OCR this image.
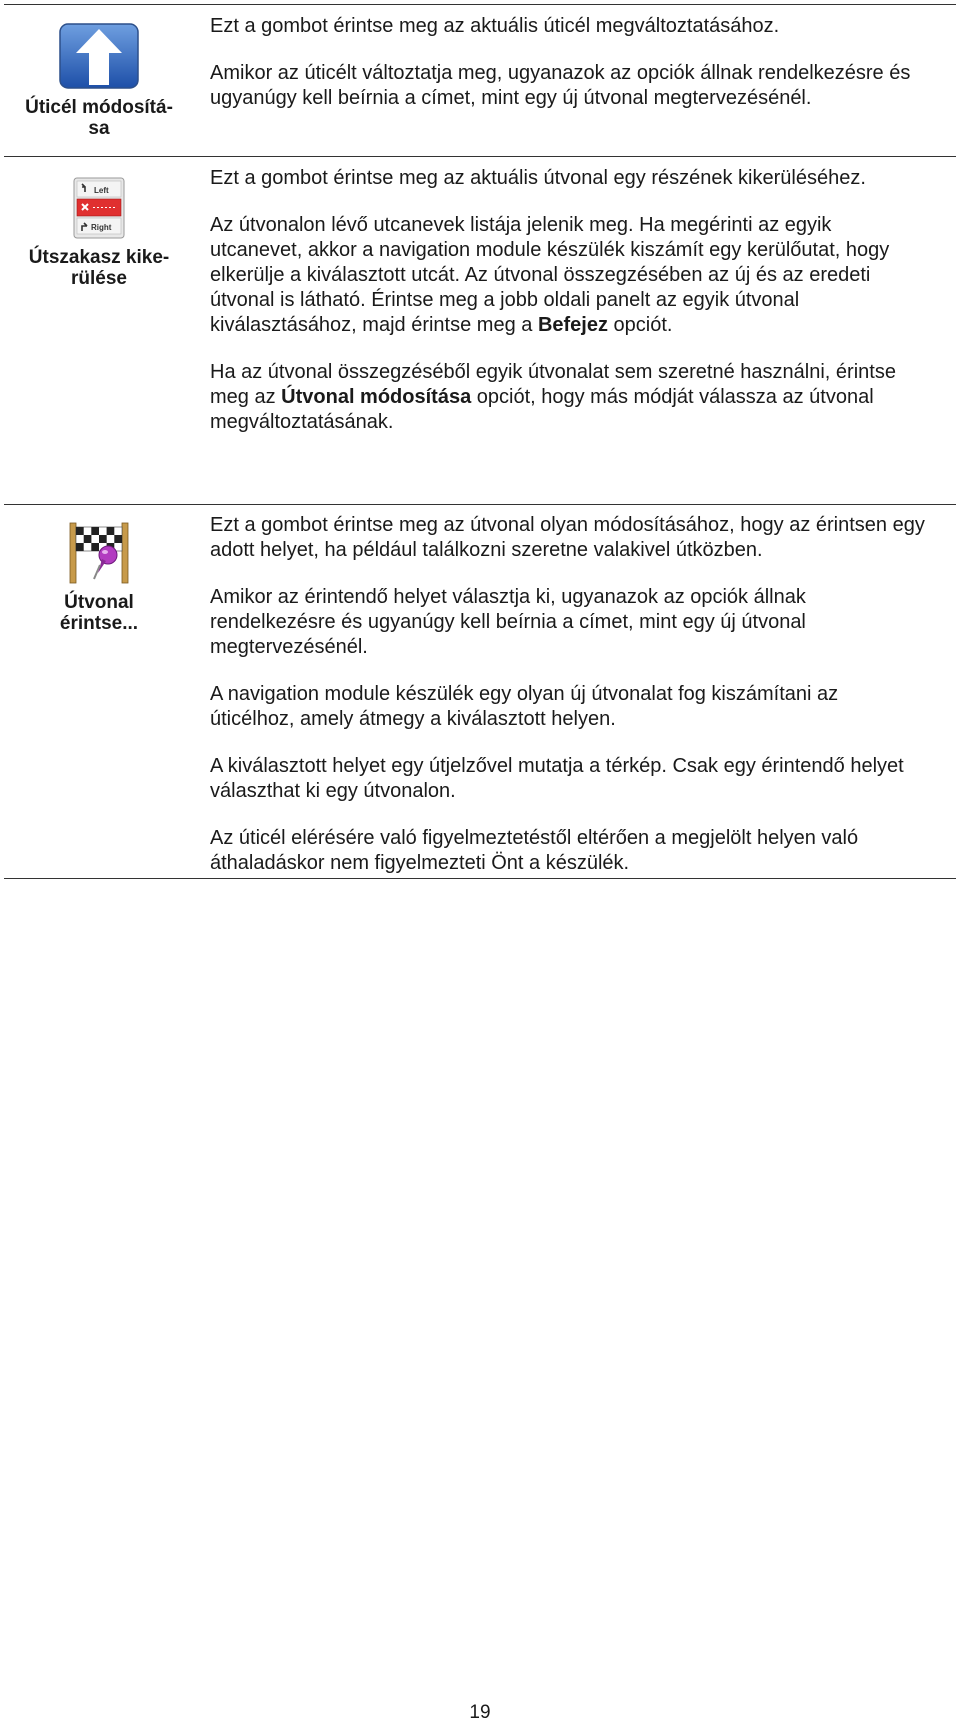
Úticél módosítá-
sa

Ezt a gombot érintse meg az aktuális úticél megváltoztatásához.

Amikor az úticélt változtatja meg, ugyanazok az opciók állnak rendelkezésre és ugyanúgy kell beírnia a címet, mint egy új útvonal megtervezésénél.

Left
Right
Útszakasz kike-
rülése

Ezt a gombot érintse meg az aktuális útvonal egy részének kikerüléséhez.

Az útvonalon lévő utcanevek listája jelenik meg. Ha megérinti az egyik utcanevet, akkor a navigation module készülék kiszámít egy kerülőutat, hogy elkerülje a kiválasztott utcát. Az útvonal összegzésében az új és az eredeti útvonal is látható. Érintse meg a jobb oldali panelt az egyik útvonal kiválasztásához, majd érintse meg a Befejez opciót.

Ha az útvonal összegzéséből egyik útvonalat sem szeretné használni, érintse meg az Útvonal módosítása opciót, hogy más módját válassza az útvonal megváltoztatásának.

Útvonal
érintse...

Ezt a gombot érintse meg az útvonal olyan módosításához, hogy az érintsen egy adott helyet, ha például találkozni szeretne valakivel útközben.

Amikor az érintendő helyet választja ki, ugyanazok az opciók állnak rendelkezésre és ugyanúgy kell beírnia a címet, mint egy új útvonal megtervezésénél.

A navigation module készülék egy olyan új útvonalat fog kiszámítani az úticélhoz, amely átmegy a kiválasztott helyen.

A kiválasztott helyet egy útjelzővel mutatja a térkép. Csak egy érintendő helyet választhat ki egy útvonalon.

Az úticél elérésére való figyelmeztetéstől eltérően a megjelölt helyen való áthaladáskor nem figyelmezteti Önt a készülék.

19
